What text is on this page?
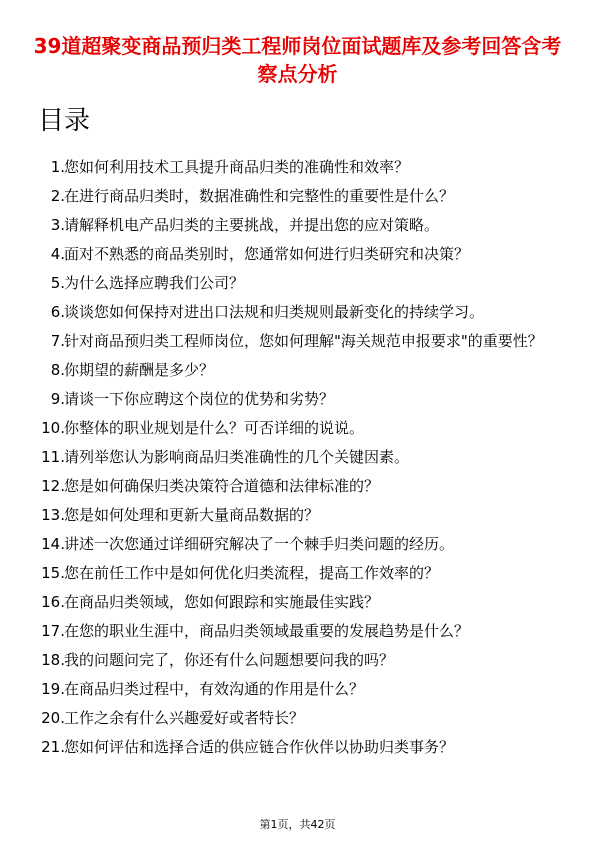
39道超聚变商品预归类工程师岗位面试题库及参考回答含考察点分析
目录
1. 您如何利用技术工具提升商品归类的准确性和效率？
2. 在进行商品归类时，数据准确性和完整性的重要性是什么？
3. 请解释机电产品归类的主要挑战，并提出您的应对策略。
4. 面对不熟悉的商品类别时，您通常如何进行归类研究和决策？
5. 为什么选择应聘我们公司？
6. 谈谈您如何保持对进出口法规和归类规则最新变化的持续学习。
7. 针对商品预归类工程师岗位，您如何理解"海关规范申报要求"的重要性？
8. 你期望的薪酬是多少？
9. 请谈一下你应聘这个岗位的优势和劣势？
10. 你整体的职业规划是什么？可否详细的说说。
11. 请列举您认为影响商品归类准确性的几个关键因素。
12. 您是如何确保归类决策符合道德和法律标准的？
13. 您是如何处理和更新大量商品数据的？
14. 讲述一次您通过详细研究解决了一个棘手归类问题的经历。
15. 您在前任工作中是如何优化归类流程，提高工作效率的？
16. 在商品归类领域，您如何跟踪和实施最佳实践？
17. 在您的职业生涯中，商品归类领域最重要的发展趋势是什么？
18. 我的问题问完了，你还有什么问题想要问我的吗？
19. 在商品归类过程中，有效沟通的作用是什么？
20. 工作之余有什么兴趣爱好或者特长？
21. 您如何评估和选择合适的供应链合作伙伴以协助归类事务？
第1页，共42页
